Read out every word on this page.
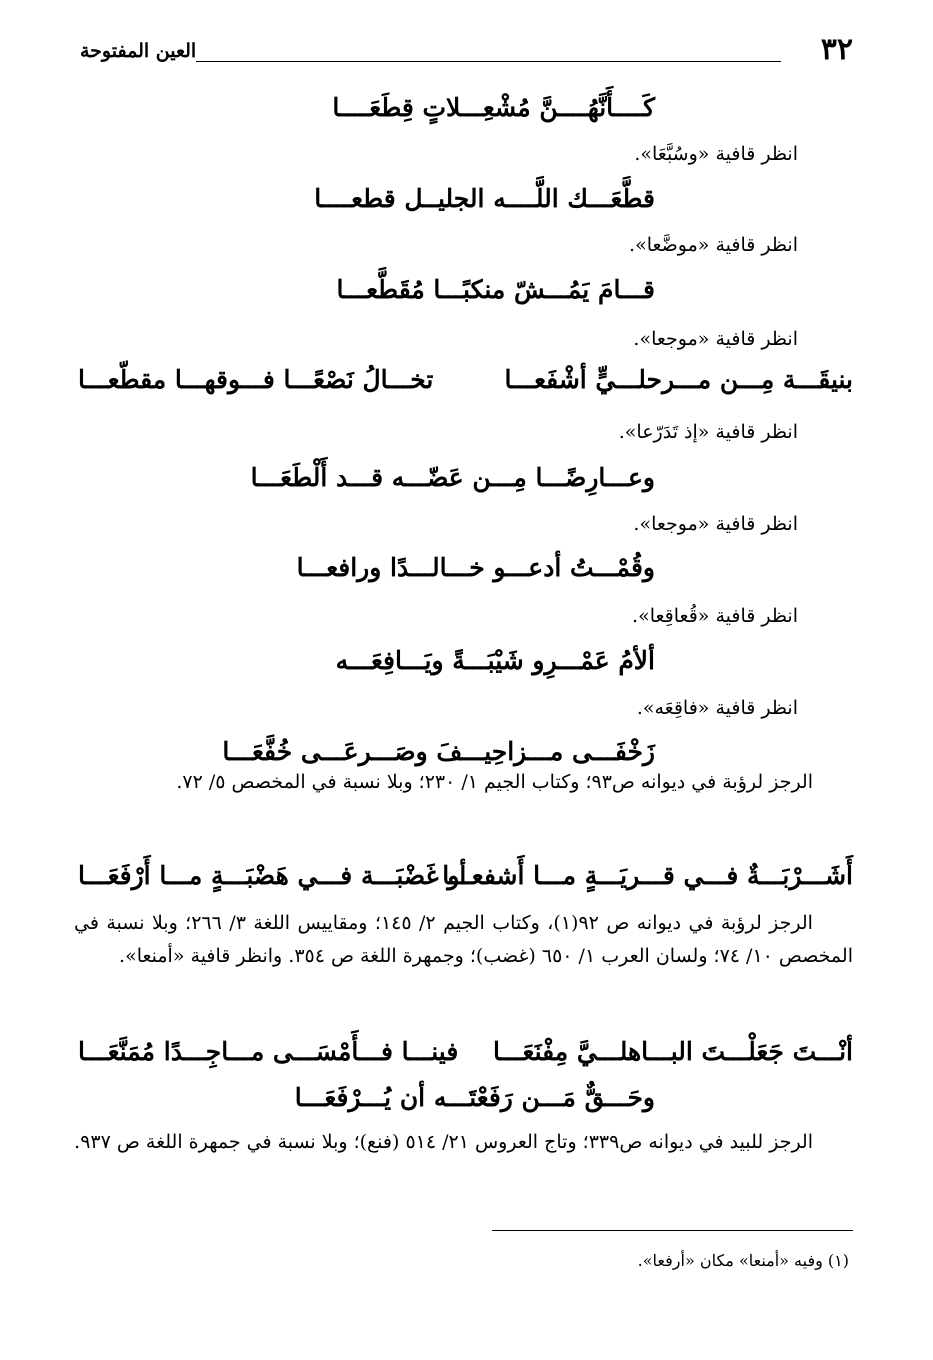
٣٢
العين المفتوحة
كَــــأَنَّهُــــنَّ مُشْعِـــلاتٍ قِطَعَــــا
انظر قافية «وسُبَّعَا».
قطَّعَـــك اللَّــــه الجليــل قطعــــا
انظر قافية «موضَّعا».
قـــامَ يَمُـــشّ منكبًـــا مُقَطَّعـــا
انظر قافية «موجعا».
بنيقَـــة مِـــن مـــرحلـــيٍّ أشْفَعـــا
تخـــالُ نَصْعًـــا فـــوقهـــا مقطّعـــا
انظر قافية «إذ تَدَرّعا».
وعـــارِضًـــا مِـــن عَضّـــه قـــد أَلْطَعَـــا
انظر قافية «موجعا».
وقُمْـــتُ أدعـــو خـــالـــدًا ورافعـــا
انظر قافية «قُعاقِعا».
ألأمُ عَمْـــرِو شَيْبَـــةً ويَـــافِعَـــه
انظر قافية «فاقِعَه».
زَخْفَـــى مـــزاحِيـــفَ وصَـــرعَـــى خُفَّعَـــا

الرجز لرؤبة في ديوانه ص٩٣؛ وكتاب الجيم ١/ ٢٣٠؛ وبلا نسبة في المخصص ٥/ ٧٢.

أَشَـــرْبَـــةٌ فـــي قـــريَـــةٍ مـــا أَشفعـــا
أو غَضْبَـــة فـــي هَضْبَـــةٍ مـــا أَرْفَعَـــا

الرجز لرؤبة في ديوانه ص ٩٢(١)، وكتاب الجيم ٢/ ١٤٥؛ ومقاييس اللغة ٣/ ٢٦٦؛ وبلا نسبة في المخصص ١٠/ ٧٤؛ ولسان العرب ١/ ٦٥٠ (غضب)؛ وجمهرة اللغة ص ٣٥٤. وانظر قافية «أمنعا».

أنْـــتَ جَعَلْـــتَ البـــاهلـــيَّ مِفْنَعَـــا
فينـــا فـــأَمْسَـــى مـــاجِـــدًا مُمَنَّعَـــا
وحَـــقٌّ مَـــن رَفَعْتَـــه أن يُـــرْفَعَـــا

الرجز للبيد في ديوانه ص٣٣٩؛ وتاج العروس ٢١/ ٥١٤ (فنع)؛ وبلا نسبة في جمهرة اللغة ص ٩٣٧.

(١) وفيه «أمنعا» مكان «أرفعا».
